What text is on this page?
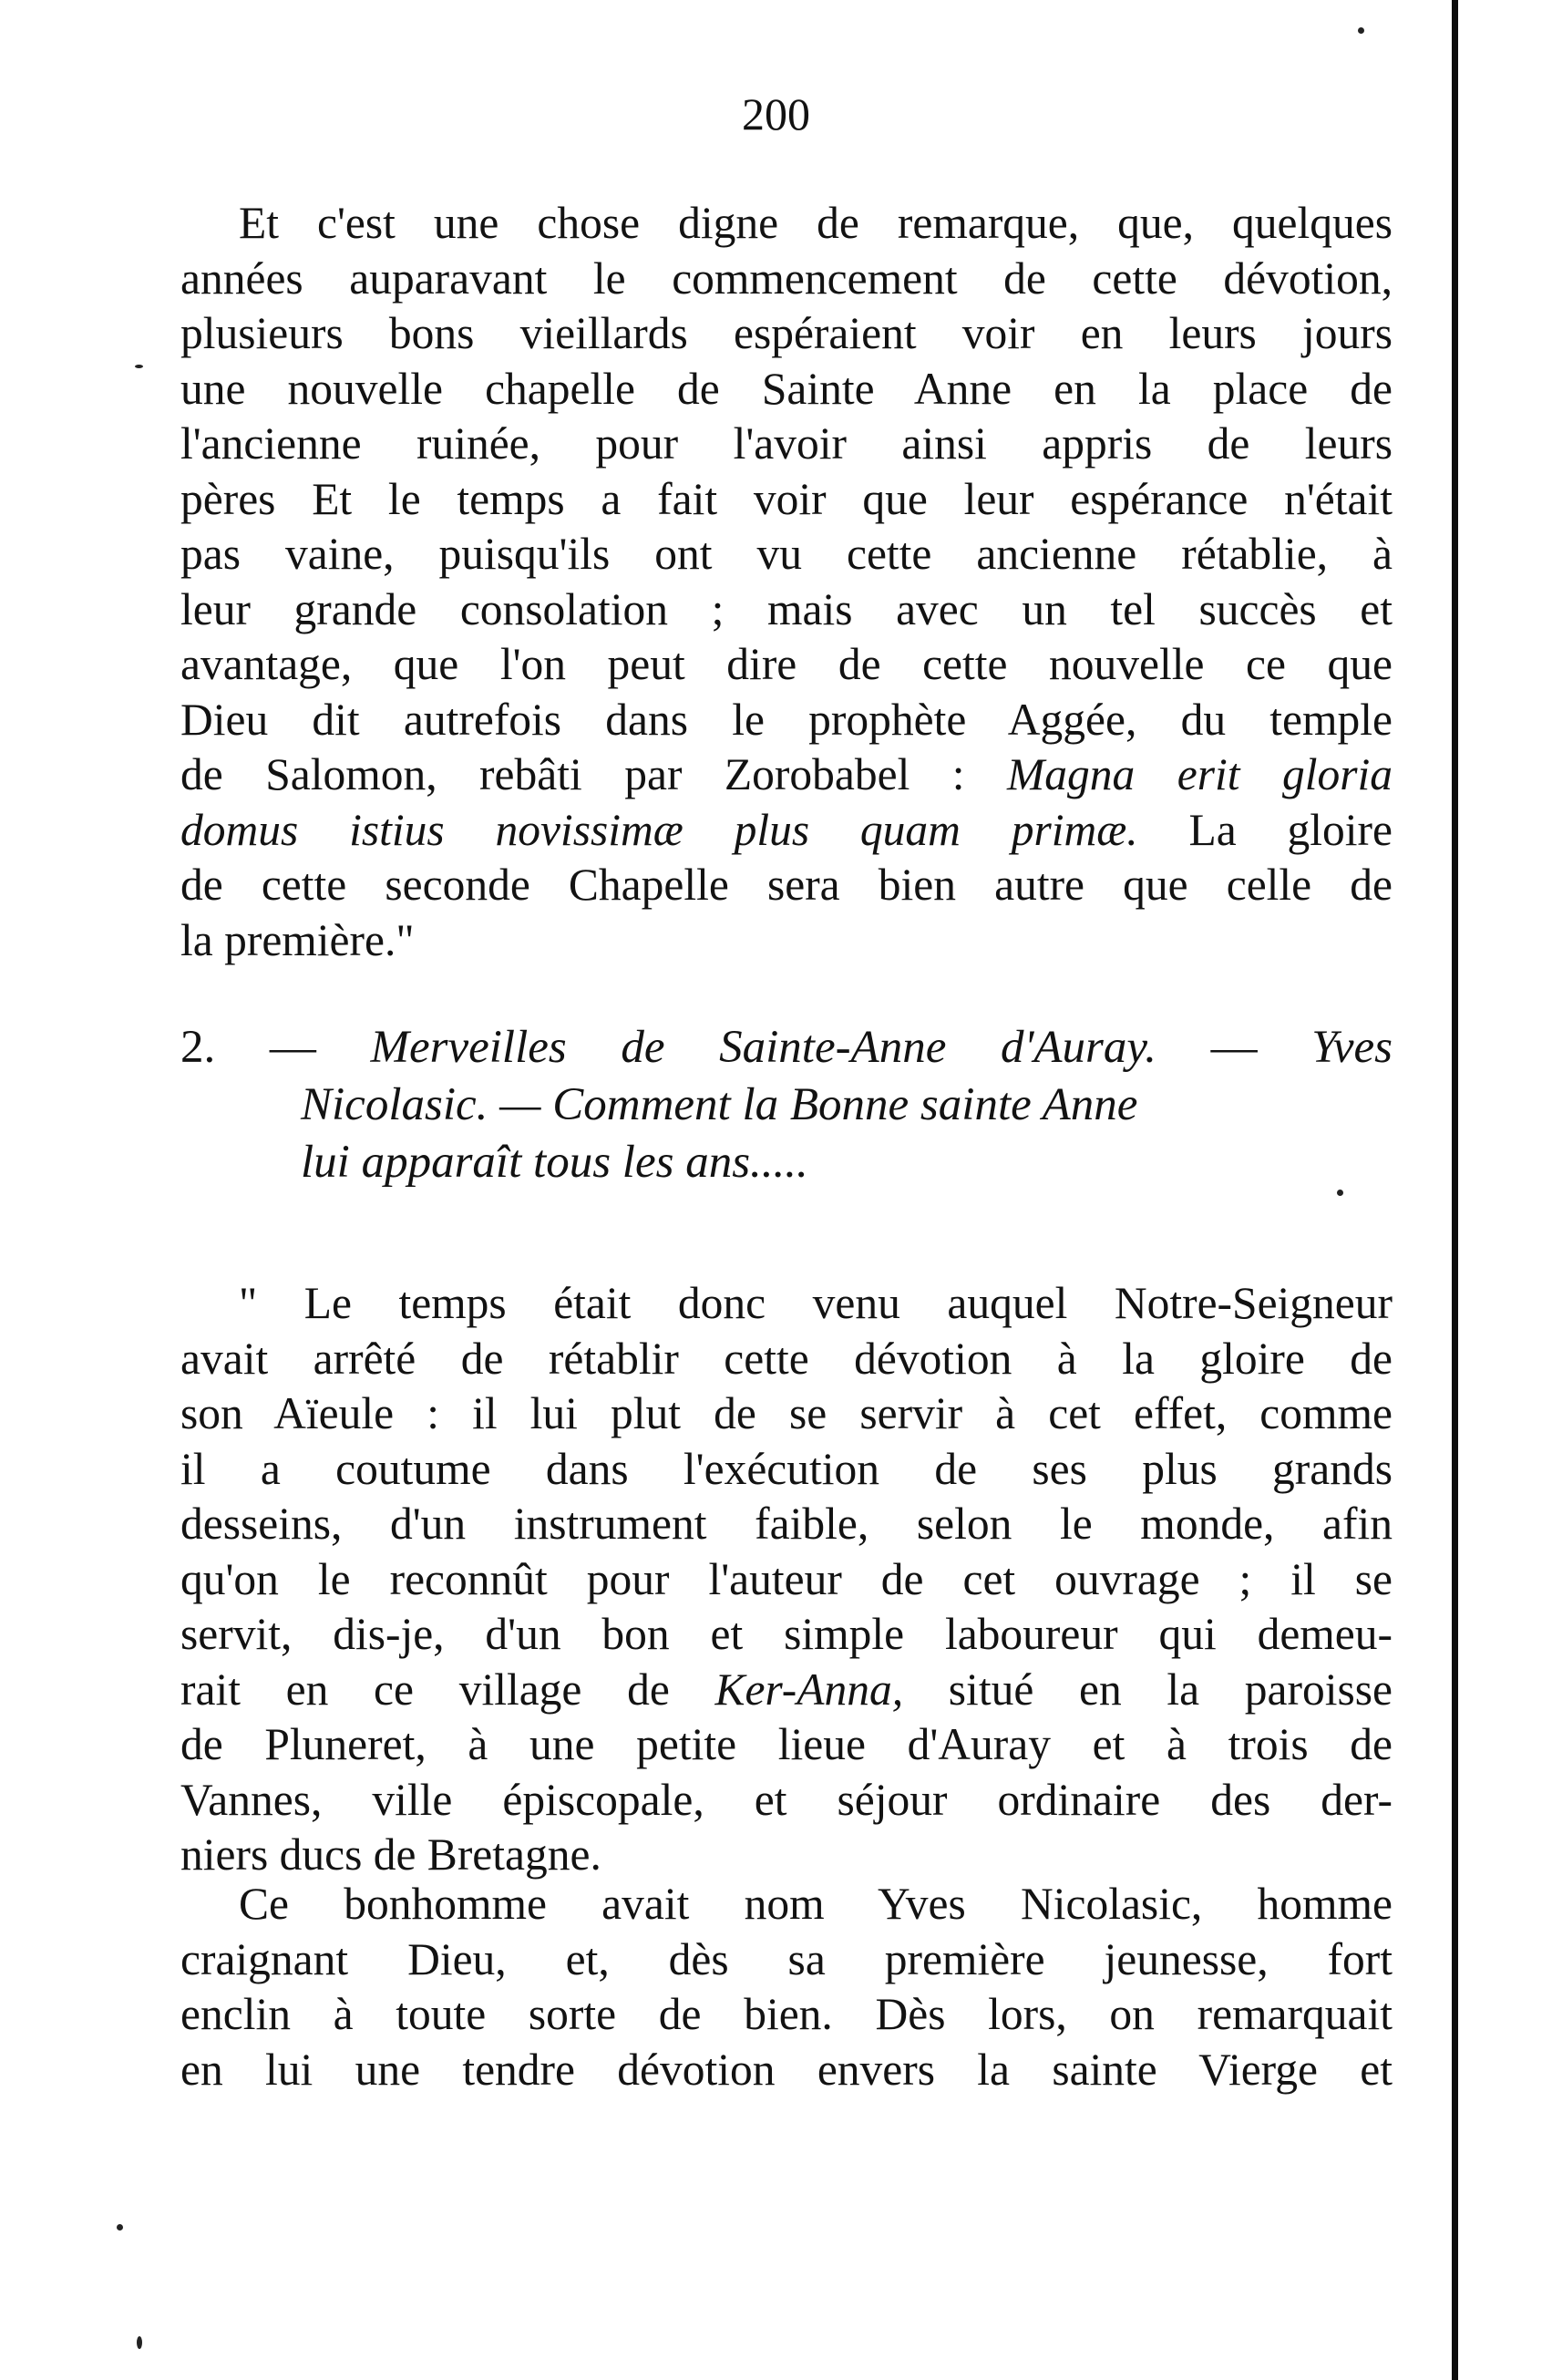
200
Et c'est une chose digne de remarque, que, quelques
années auparavant le commencement de cette dévotion,
plusieurs bons vieillards espéraient voir en leurs jours
une nouvelle chapelle de Sainte Anne en la place de
l'ancienne ruinée, pour l'avoir ainsi appris de leurs
pères Et le temps a fait voir que leur espérance n'était
pas vaine, puisqu'ils ont vu cette ancienne rétablie, à
leur grande consolation ; mais avec un tel succès et
avantage, que l'on peut dire de cette nouvelle ce que
Dieu dit autrefois dans le prophète Aggée, du temple
de Salomon, rebâti par Zorobabel : Magna erit gloria
domus istius novissimæ plus quam primæ. La gloire
de cette seconde Chapelle sera bien autre que celle de
la première."
2. — Merveilles de Sainte-Anne d'Auray. — Yves
Nicolasic. — Comment la Bonne sainte Anne
lui apparaît tous les ans.....
" Le temps était donc venu auquel Notre-Seigneur
avait arrêté de rétablir cette dévotion à la gloire de
son Aïeule : il lui plut de se servir à cet effet, comme
il a coutume dans l'exécution de ses plus grands
desseins, d'un instrument faible, selon le monde, afin
qu'on le reconnût pour l'auteur de cet ouvrage ; il se
servit, dis-je, d'un bon et simple laboureur qui demeu-
rait en ce village de Ker-Anna, situé en la paroisse
de Pluneret, à une petite lieue d'Auray et à trois de
Vannes, ville épiscopale, et séjour ordinaire des der-
niers ducs de Bretagne.
Ce bonhomme avait nom Yves Nicolasic, homme
craignant Dieu, et, dès sa première jeunesse, fort
enclin à toute sorte de bien. Dès lors, on remarquait
en lui une tendre dévotion envers la sainte Vierge et
